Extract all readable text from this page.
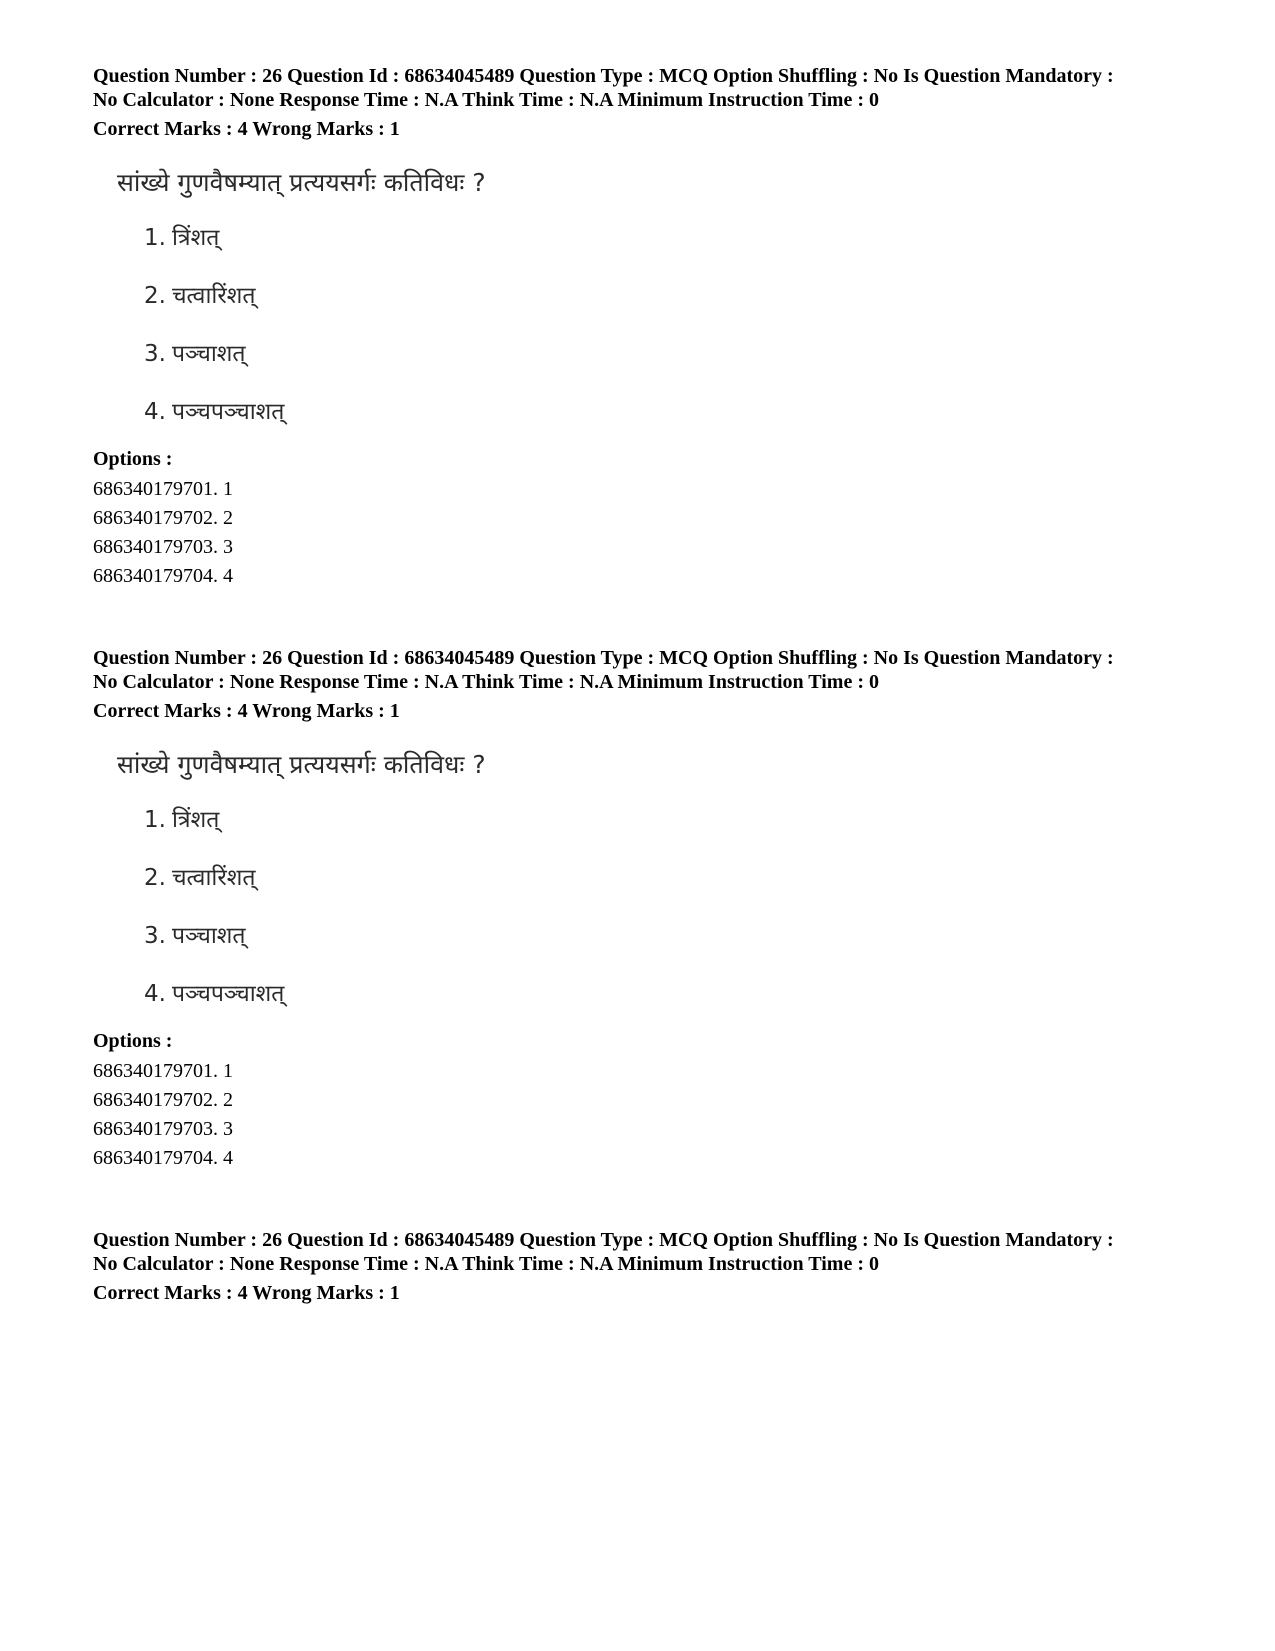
Question Number : 26 Question Id : 68634045489 Question Type : MCQ Option Shuffling : No Is Question Mandatory :

No Calculator : None Response Time : N.A Think Time : N.A Minimum Instruction Time : 0

Correct Marks : 4 Wrong Marks : 1

सांख्ये गुणवैषम्यात् प्रत्ययसर्गः कतिविधः ?
1. त्रिंशत्
2. चत्वारिंशत्
3. पञ्चाशत्
4. पञ्चपञ्चाशत्

Options :

686340179701. 1

686340179702. 2

686340179703. 3

686340179704. 4

Question Number : 26 Question Id : 68634045489 Question Type : MCQ Option Shuffling : No Is Question Mandatory :

No Calculator : None Response Time : N.A Think Time : N.A Minimum Instruction Time : 0

Correct Marks : 4 Wrong Marks : 1

सांख्ये गुणवैषम्यात् प्रत्ययसर्गः कतिविधः ?
1. त्रिंशत्
2. चत्वारिंशत्
3. पञ्चाशत्
4. पञ्चपञ्चाशत्

Options :

686340179701. 1

686340179702. 2

686340179703. 3

686340179704. 4

Question Number : 26 Question Id : 68634045489 Question Type : MCQ Option Shuffling : No Is Question Mandatory :

No Calculator : None Response Time : N.A Think Time : N.A Minimum Instruction Time : 0

Correct Marks : 4 Wrong Marks : 1
